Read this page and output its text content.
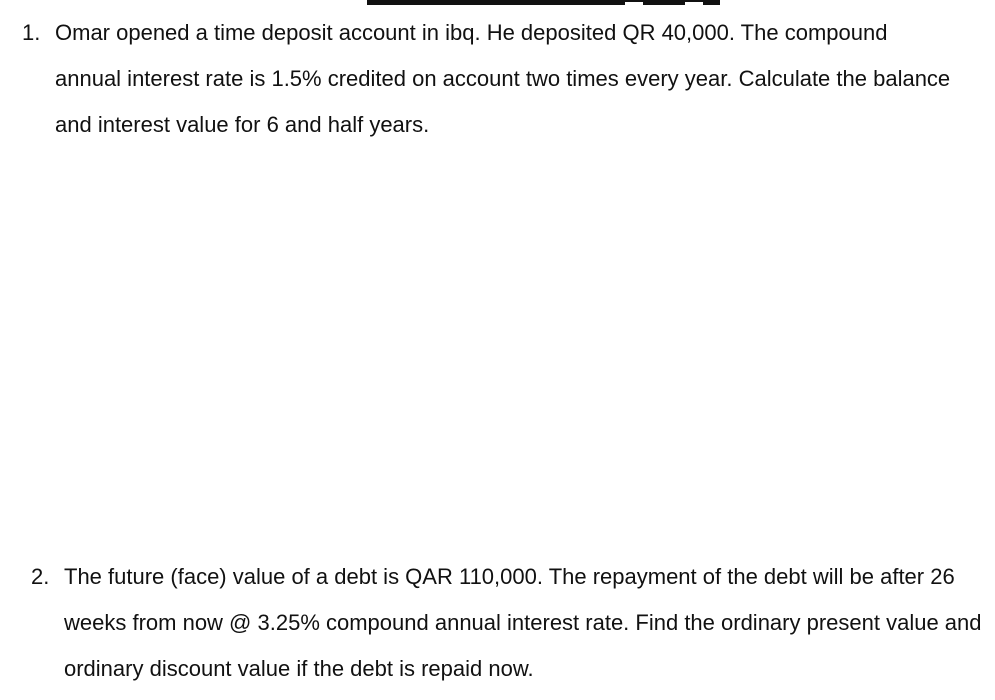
1. Omar opened a time deposit account in ibq. He deposited QR 40,000. The compound annual interest rate is 1.5% credited on account two times every year. Calculate the balance and interest value for 6 and half years.
2. The future (face) value of a debt is QAR 110,000. The repayment of the debt will be after 26 weeks from now @ 3.25% compound annual interest rate. Find the ordinary present value and ordinary discount value if the debt is repaid now.
